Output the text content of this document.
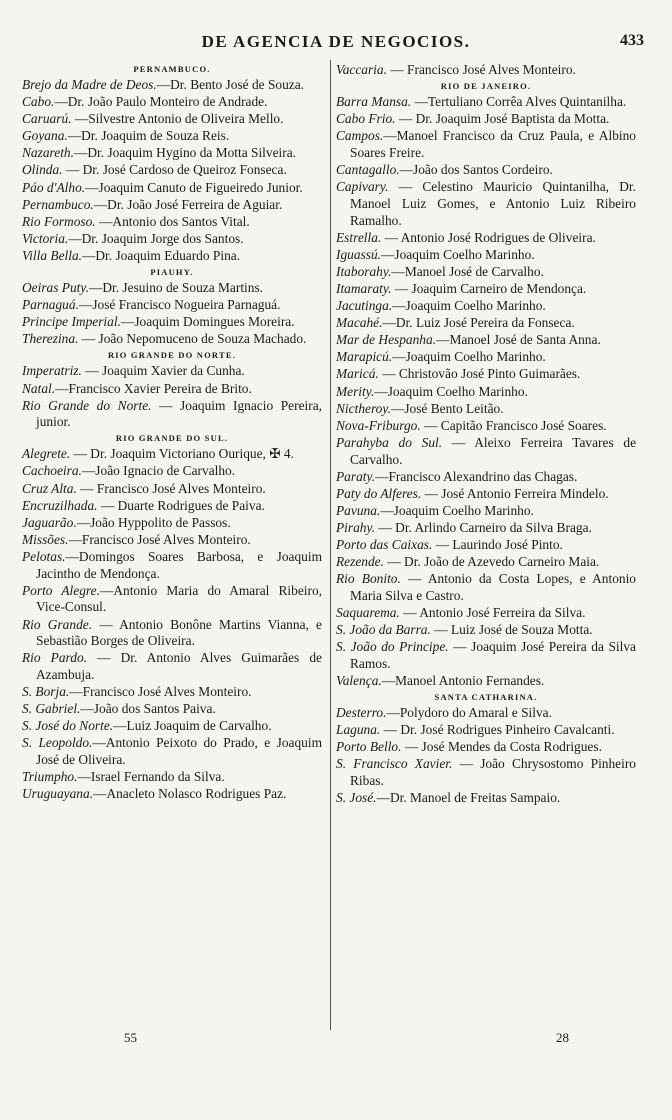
DE AGENCIA DE NEGOCIOS.	433
PERNAMBUCO.
Brejo da Madre de Deos.—Dr. Bento José de Souza.
Cabo.—Dr. João Paulo Monteiro de Andrade.
Caruarú. —Silvestre Antonio de Oliveira Mello.
Goyana.—Dr. Joaquim de Souza Reis.
Nazareth.—Dr. Joaquim Hygino da Motta Silveira.
Olinda. — Dr. José Cardoso de Queiroz Fonseca.
Páo d'Alho.—Joaquim Canuto de Figueiredo Junior.
Pernambuco.—Dr. João José Ferreira de Aguiar.
Rio Formoso. —Antonio dos Santos Vital.
Victoria.—Dr. Joaquim Jorge dos Santos.
Villa Bella.—Dr. Joaquim Eduardo Pina.
PIAUHY.
Oeiras Puty.—Dr. Jesuino de Souza Martins.
Parnaguá.—José Francisco Nogueira Parnaguá.
Principe Imperial.—Joaquim Domingues Moreira.
Therezina. — João Nepomuceno de Souza Machado.
RIO GRANDE DO NORTE.
Imperatriz. — Joaquim Xavier da Cunha.
Natal.—Francisco Xavier Pereira de Brito.
Rio Grande do Norte. — Joaquim Ignacio Pereira, junior.
RIO GRANDE DO SUL.
Alegrete. — Dr. Joaquim Victoriano Ourique, ✠ 4.
Cachoeira.—João Ignacio de Carvalho.
Cruz Alta. — Francisco José Alves Monteiro.
Encruzilhada. — Duarte Rodrigues de Paiva.
Jaguarão.—João Hyppolito de Passos.
Missões.—Francisco José Alves Monteiro.
Pelotas.—Domingos Soares Barbosa, e Joaquim Jacintho de Mendonça.
Porto Alegre.—Antonio Maria do Amaral Ribeiro, Vice-Consul.
Rio Grande. — Antonio Bonône Martins Vianna, e Sebastião Borges de Oliveira.
Rio Pardo. — Dr. Antonio Alves Guimarães de Azambuja.
S. Borja.—Francisco José Alves Monteiro.
S. Gabriel.—João dos Santos Paiva.
S. José do Norte.—Luiz Joaquim de Carvalho.
S. Leopoldo.—Antonio Peixoto do Prado, e Joaquim José de Oliveira.
Triumpho.—Israel Fernando da Silva.
Uruguayana.—Anacleto Nolasco Rodrigues Paz.
Vaccaria. — Francisco José Alves Monteiro.
RIO DE JANEIRO.
Barra Mansa. —Tertuliano Corrêa Alves Quintanilha.
Cabo Frio. — Dr. Joaquim José Baptista da Motta.
Campos.—Manoel Francisco da Cruz Paula, e Albino Soares Freire.
Cantagallo.—João dos Santos Cordeiro.
Capivary. — Celestino Mauricio Quintanilha, Dr. Manoel Luiz Gomes, e Antonio Luiz Ribeiro Ramalho.
Estrella. — Antonio José Rodrigues de Oliveira.
Iguassú.—Joaquim Coelho Marinho.
Itaborahy.—Manoel José de Carvalho.
Itamaraty. — Joaquim Carneiro de Mendonça.
Jacutinga.—Joaquim Coelho Marinho.
Macahé.—Dr. Luiz José Pereira da Fonseca.
Mar de Hespanha.—Manoel José de Santa Anna.
Marapicú.—Joaquim Coelho Marinho.
Maricá. — Christovão José Pinto Guimarães.
Merity.—Joaquim Coelho Marinho.
Nictheroy.—José Bento Leitão.
Nova-Friburgo. — Capitão Francisco José Soares.
Parahyba do Sul. — Aleixo Ferreira Tavares de Carvalho.
Paraty.—Francisco Alexandrino das Chagas.
Paty do Alferes. — José Antonio Ferreira Mindelo.
Pavuna.—Joaquim Coelho Marinho.
Pirahy. — Dr. Arlindo Carneiro da Silva Braga.
Porto das Caixas. — Laurindo José Pinto.
Rezende. — Dr. João de Azevedo Carneiro Maia.
Rio Bonito. — Antonio da Costa Lopes, e Antonio Maria Silva e Castro.
Saquarema. — Antonio José Ferreira da Silva.
S. João da Barra. — Luiz José de Souza Motta.
S. João do Principe. — Joaquim José Pereira da Silva Ramos.
Valença.—Manoel Antonio Fernandes.
SANTA CATHARINA.
Desterro.—Polydoro do Amaral e Silva.
Laguna. — Dr. José Rodrigues Pinheiro Cavalcanti.
Porto Bello. — José Mendes da Costa Rodrigues.
S. Francisco Xavier. — João Chrysostomo Pinheiro Ribas.
S. José.—Dr. Manoel de Freitas Sampaio.
55	28
